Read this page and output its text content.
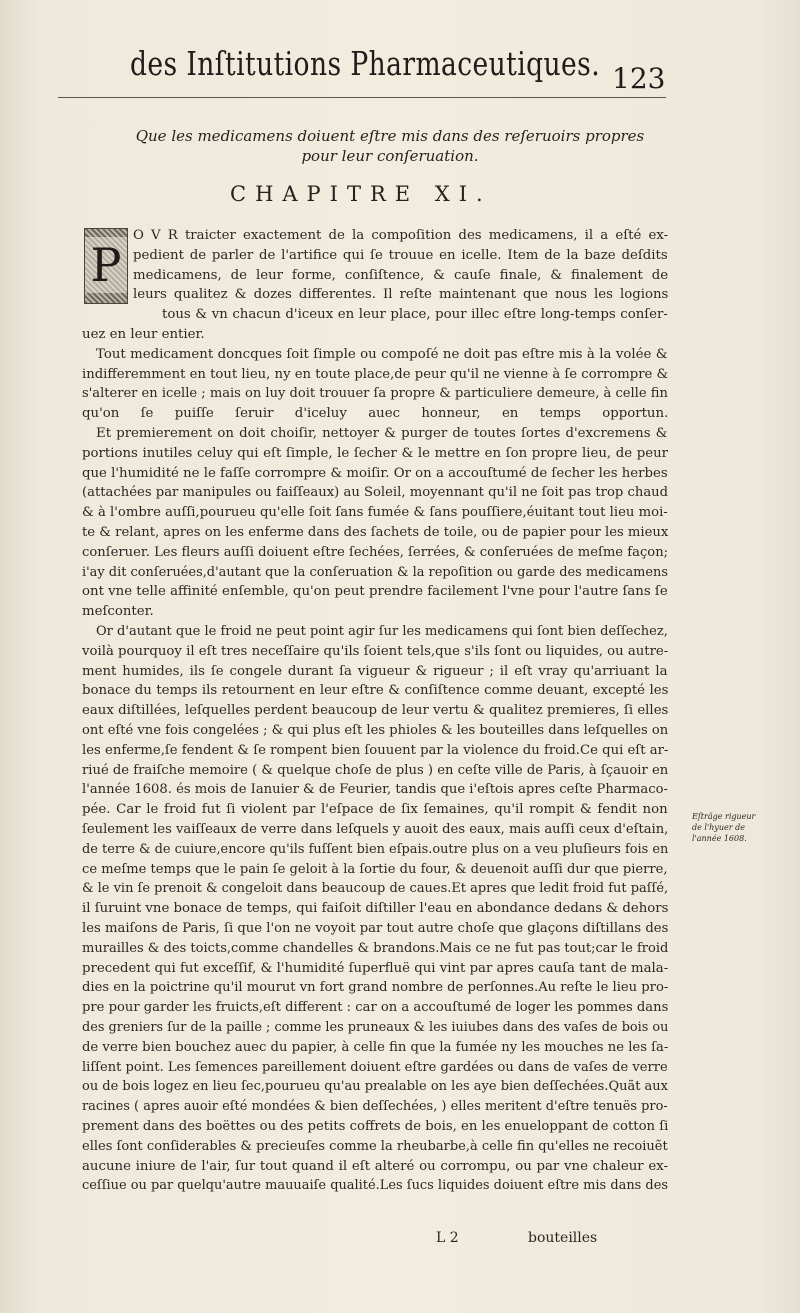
des Inſtitutions Pharmaceutiques. 123
Que les medicamens doiuent eſtre mis dans des reſeruoirs propres
pour leur conſeruation.
CHAPITRE XI.
P
O V R traicter exactement de la compoſition des medicamens, il a eſté ex-
pedient de parler de l'artifice qui ſe trouue en icelle. Item de la baze deſdits
medicamens, de leur forme, conſiſtence, & cauſe finale, & finalement de
leurs qualitez & dozes differentes. Il reſte maintenant que nous les logions
tous & vn chacun d'iceux en leur place, pour illec eſtre long-temps conſer-
uez en leur entier.
Tout medicament doncques ſoit ſimple ou compoſé ne doit pas eſtre mis à la volée &
indifferemment en tout lieu, ny en toute place,de peur qu'il ne vienne à ſe corrompre &
s'alterer en icelle ; mais on luy doit trouuer ſa propre & particuliere demeure, à celle fin
qu'on ſe puiſſe ſeruir d'iceluy auec honneur, en temps opportun.
Et premierement on doit choiſir, nettoyer & purger de toutes ſortes d'excremens &
portions inutiles celuy qui eſt ſimple, le ſecher & le mettre en ſon propre lieu, de peur
que l'humidité ne le faſſe corrompre & moiſir. Or on a accouſtumé de ſecher les herbes
(attachées par manipules ou faiſſeaux) au Soleil, moyennant qu'il ne ſoit pas trop chaud
& à l'ombre auſſi,pourueu qu'elle ſoit ſans fumée & ſans pouſſiere,éuitant tout lieu moi-
te & relant, apres on les enferme dans des ſachets de toile, ou de papier pour les mieux
conſeruer. Les fleurs auſſi doiuent eſtre ſechées, ſerrées, & conſeruées de meſme façon;
i'ay dit conſeruées,d'autant que la conſeruation & la repoſition ou garde des medicamens
ont vne telle affinité enſemble, qu'on peut prendre facilement l'vne pour l'autre ſans ſe
meſconter.
Or d'autant que le froid ne peut point agir ſur les medicamens qui ſont bien deſſechez,
voilà pourquoy il eſt tres neceſſaire qu'ils ſoient tels,que s'ils ſont ou liquides, ou autre-
ment humides, ils ſe congele durant ſa vigueur & rigueur ; il eſt vray qu'arriuant la
bonace du temps ils retournent en leur eſtre & conſiſtence comme deuant, excepté les
eaux diſtillées, leſquelles perdent beaucoup de leur vertu & qualitez premieres, ſi elles
ont eſté vne fois congelées ; & qui plus eſt les phioles & les bouteilles dans leſquelles on
les enferme,ſe fendent & ſe rompent bien ſouuent par la violence du froid.Ce qui eſt ar-
riué de fraiſche memoire ( & quelque choſe de plus ) en ceſte ville de Paris, à ſçauoir en
l'année 1608. és mois de Ianuier & de Feurier, tandis que i'eſtois apres ceſte Pharmaco-
pée. Car le froid fut ſi violent par l'eſpace de ſix ſemaines, qu'il rompit & fendit non
ſeulement les vaiſſeaux de verre dans leſquels y auoit des eaux, mais auſſi ceux d'eſtain,
de terre & de cuiure,encore qu'ils fuſſent bien eſpais.outre plus on a veu pluſieurs fois en
ce meſme temps que le pain ſe geloit à la ſortie du four, & deuenoit auſſi dur que pierre,
& le vin ſe prenoit & congeloit dans beaucoup de caues.Et apres que ledit froid fut paſſé,
il ſuruint vne bonace de temps, qui faiſoit diſtiller l'eau en abondance dedans & dehors
les maiſons de Paris, ſi que l'on ne voyoit par tout autre choſe que glaçons diſtillans des
murailles & des toicts,comme chandelles & brandons.Mais ce ne fut pas tout;car le froid
precedent qui fut exceſſif, & l'humidité ſuperfluë qui vint par apres cauſa tant de mala-
dies en la poictrine qu'il mourut vn fort grand nombre de perſonnes.Au reſte le lieu pro-
pre pour garder les fruicts,eſt different : car on a accouſtumé de loger les pommes dans
des greniers ſur de la paille ; comme les pruneaux & les iuiubes dans des vaſes de bois ou
de verre bien bouchez auec du papier, à celle fin que la fumée ny les mouches ne les ſa-
liſſent point. Les ſemences pareillement doiuent eſtre gardées ou dans de vaſes de verre
ou de bois logez en lieu ſec,pourueu qu'au prealable on les aye bien deſſechées.Quãt aux
racines ( apres auoir eſté mondées & bien deſſechées, ) elles meritent d'eſtre tenuës pro-
prement dans des boëttes ou des petits coffrets de bois, en les enueloppant de cotton ſi
elles ſont conſiderables & precieuſes comme la rheubarbe,à celle fin qu'elles ne recoiuẽt
aucune iniure de l'air, ſur tout quand il eſt alteré ou corrompu, ou par vne chaleur ex-
ceſſiue ou par quelqu'autre mauuaiſe qualité.Les ſucs liquides doiuent eſtre mis dans des
Eſtrãge rigueur
de l'hyuer de
l'année 1608.
L 2	bouteilles
